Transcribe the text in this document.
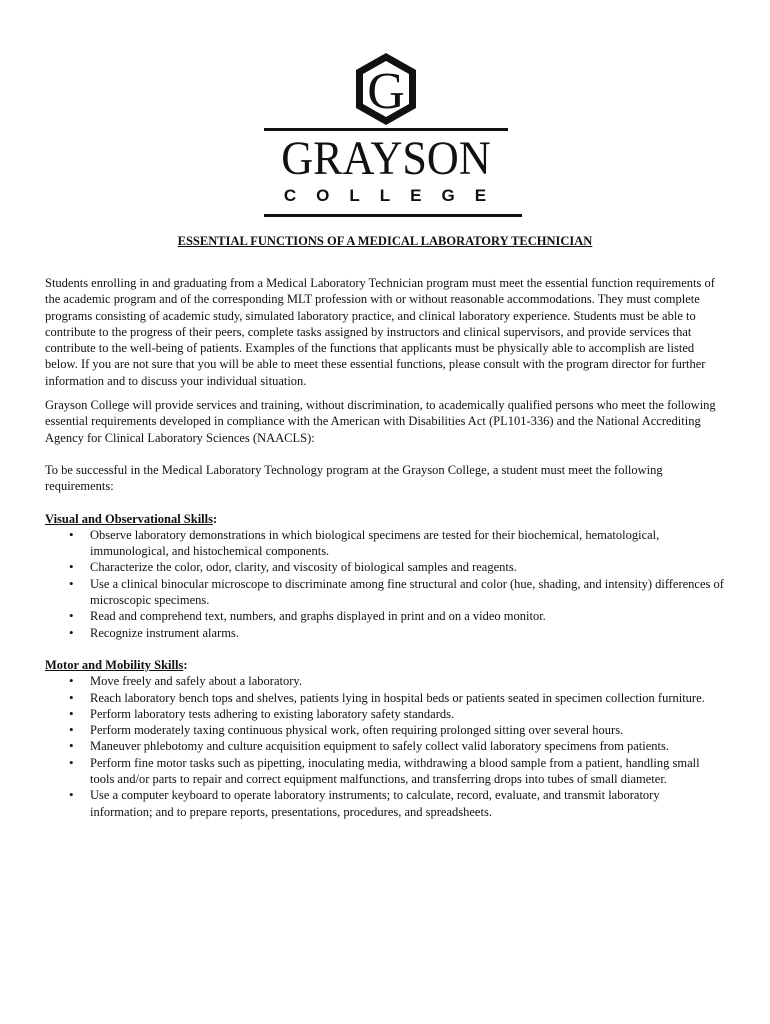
G
GRAYSON
COLLEGE
ESSENTIAL FUNCTIONS OF A MEDICAL LABORATORY TECHNICIAN

Students enrolling in and graduating from a Medical Laboratory Technician program must meet the essential function requirements of the academic program and of the corresponding MLT profession with or without reasonable accommodations. They must complete programs consisting of academic study, simulated laboratory practice, and clinical laboratory experience. Students must be able to contribute to the progress of their peers, complete tasks assigned by instructors and clinical supervisors, and provide services that contribute to the well-being of patients. Examples of the functions that applicants must be physically able to accomplish are listed below. If you are not sure that you will be able to meet these essential functions, please consult with the program director for further information and to discuss your individual situation.

Grayson College will provide services and training, without discrimination, to academically qualified persons who meet the following essential requirements developed in compliance with the American with Disabilities Act (PL101-336) and the National Accrediting Agency for Clinical Laboratory Sciences (NAACLS):

To be successful in the Medical Laboratory Technology program at the Grayson College, a student must meet the following requirements:

Visual and Observational Skills:

• Observe laboratory demonstrations in which biological specimens are tested for their biochemical, hematological, immunological, and histochemical components.
• Characterize the color, odor, clarity, and viscosity of biological samples and reagents.
• Use a clinical binocular microscope to discriminate among fine structural and color (hue, shading, and intensity) differences of microscopic specimens.
• Read and comprehend text, numbers, and graphs displayed in print and on a video monitor.
• Recognize instrument alarms.

Motor and Mobility Skills:

• Move freely and safely about a laboratory.
• Reach laboratory bench tops and shelves, patients lying in hospital beds or patients seated in specimen collection furniture.
• Perform laboratory tests adhering to existing laboratory safety standards.
• Perform moderately taxing continuous physical work, often requiring prolonged sitting over several hours.
• Maneuver phlebotomy and culture acquisition equipment to safely collect valid laboratory specimens from patients.
• Perform fine motor tasks such as pipetting, inoculating media, withdrawing a blood sample from a patient, handling small tools and/or parts to repair and correct equipment malfunctions, and transferring drops into tubes of small diameter.
• Use a computer keyboard to operate laboratory instruments; to calculate, record, evaluate, and transmit laboratory information; and to prepare reports, presentations, procedures, and spreadsheets.
